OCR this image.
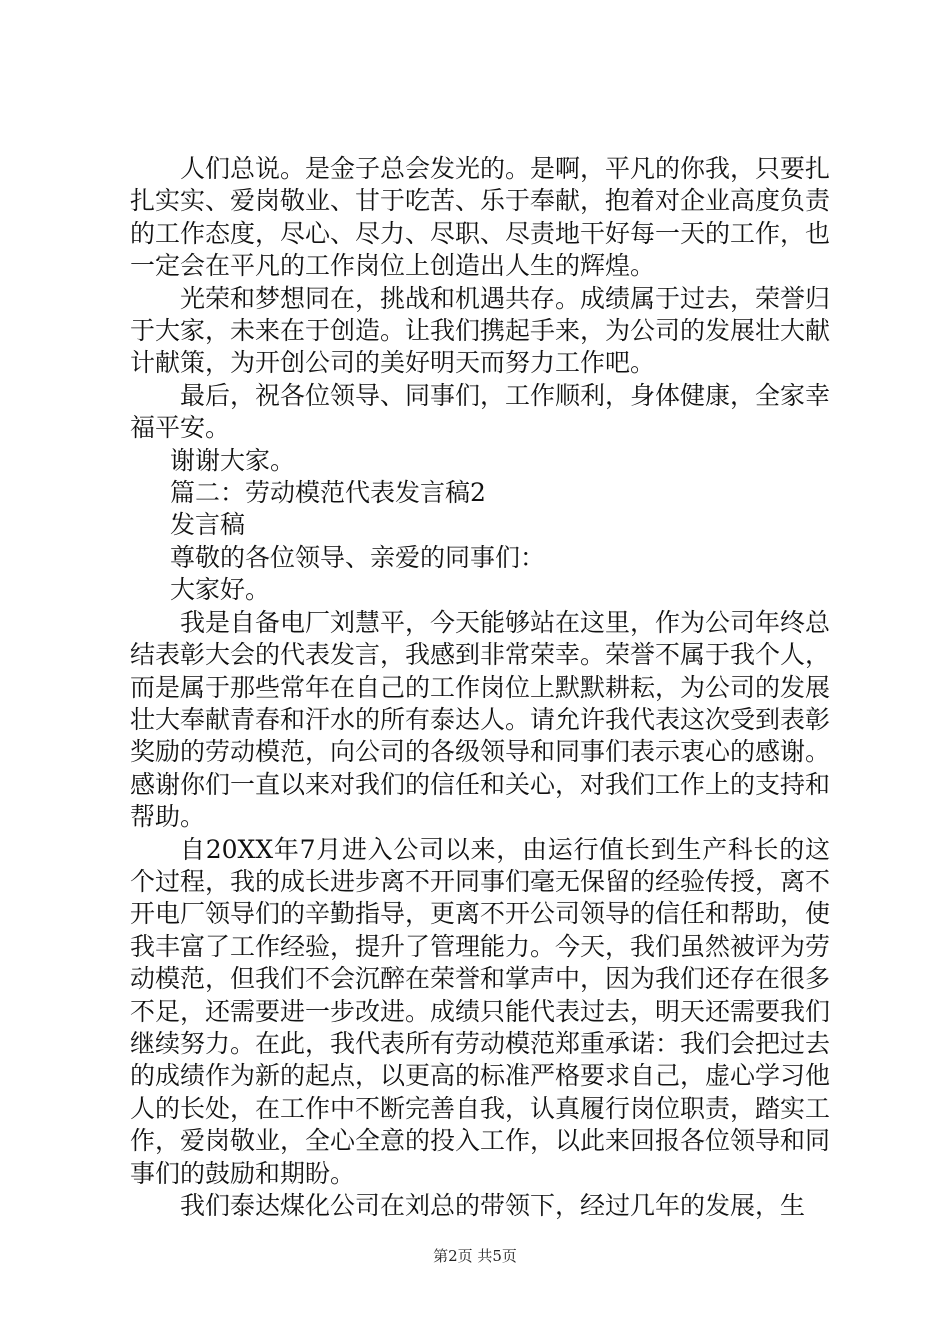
人们总说。是金子总会发光的。是啊，平凡的你我，只要扎扎实实、爱岗敬业、甘于吃苦、乐于奉献，抱着对企业高度负责的工作态度，尽心、尽力、尽职、尽责地干好每一天的工作，也一定会在平凡的工作岗位上创造出人生的辉煌。

光荣和梦想同在，挑战和机遇共存。成绩属于过去，荣誉归于大家，未来在于创造。让我们携起手来，为公司的发展壮大献计献策，为开创公司的美好明天而努力工作吧。

最后，祝各位领导、同事们，工作顺利，身体健康，全家幸福平安。

谢谢大家。

篇二：劳动模范代表发言稿2

发言稿

尊敬的各位领导、亲爱的同事们：

大家好。

我是自备电厂刘慧平，今天能够站在这里，作为公司年终总结表彰大会的代表发言，我感到非常荣幸。荣誉不属于我个人，而是属于那些常年在自己的工作岗位上默默耕耘，为公司的发展壮大奉献青春和汗水的所有泰达人。请允许我代表这次受到表彰奖励的劳动模范，向公司的各级领导和同事们表示衷心的感谢。感谢你们一直以来对我们的信任和关心，对我们工作上的支持和帮助。

自20XX年7月进入公司以来，由运行值长到生产科长的这个过程，我的成长进步离不开同事们毫无保留的经验传授，离不开电厂领导们的辛勤指导，更离不开公司领导的信任和帮助，使我丰富了工作经验，提升了管理能力。今天，我们虽然被评为劳动模范，但我们不会沉醉在荣誉和掌声中，因为我们还存在很多不足，还需要进一步改进。成绩只能代表过去，明天还需要我们继续努力。在此，我代表所有劳动模范郑重承诺：我们会把过去的成绩作为新的起点，以更高的标准严格要求自己，虚心学习他人的长处，在工作中不断完善自我，认真履行岗位职责，踏实工作，爱岗敬业，全心全意的投入工作，以此来回报各位领导和同事们的鼓励和期盼。

我们泰达煤化公司在刘总的带领下，经过几年的发展，生

第2页 共5页
